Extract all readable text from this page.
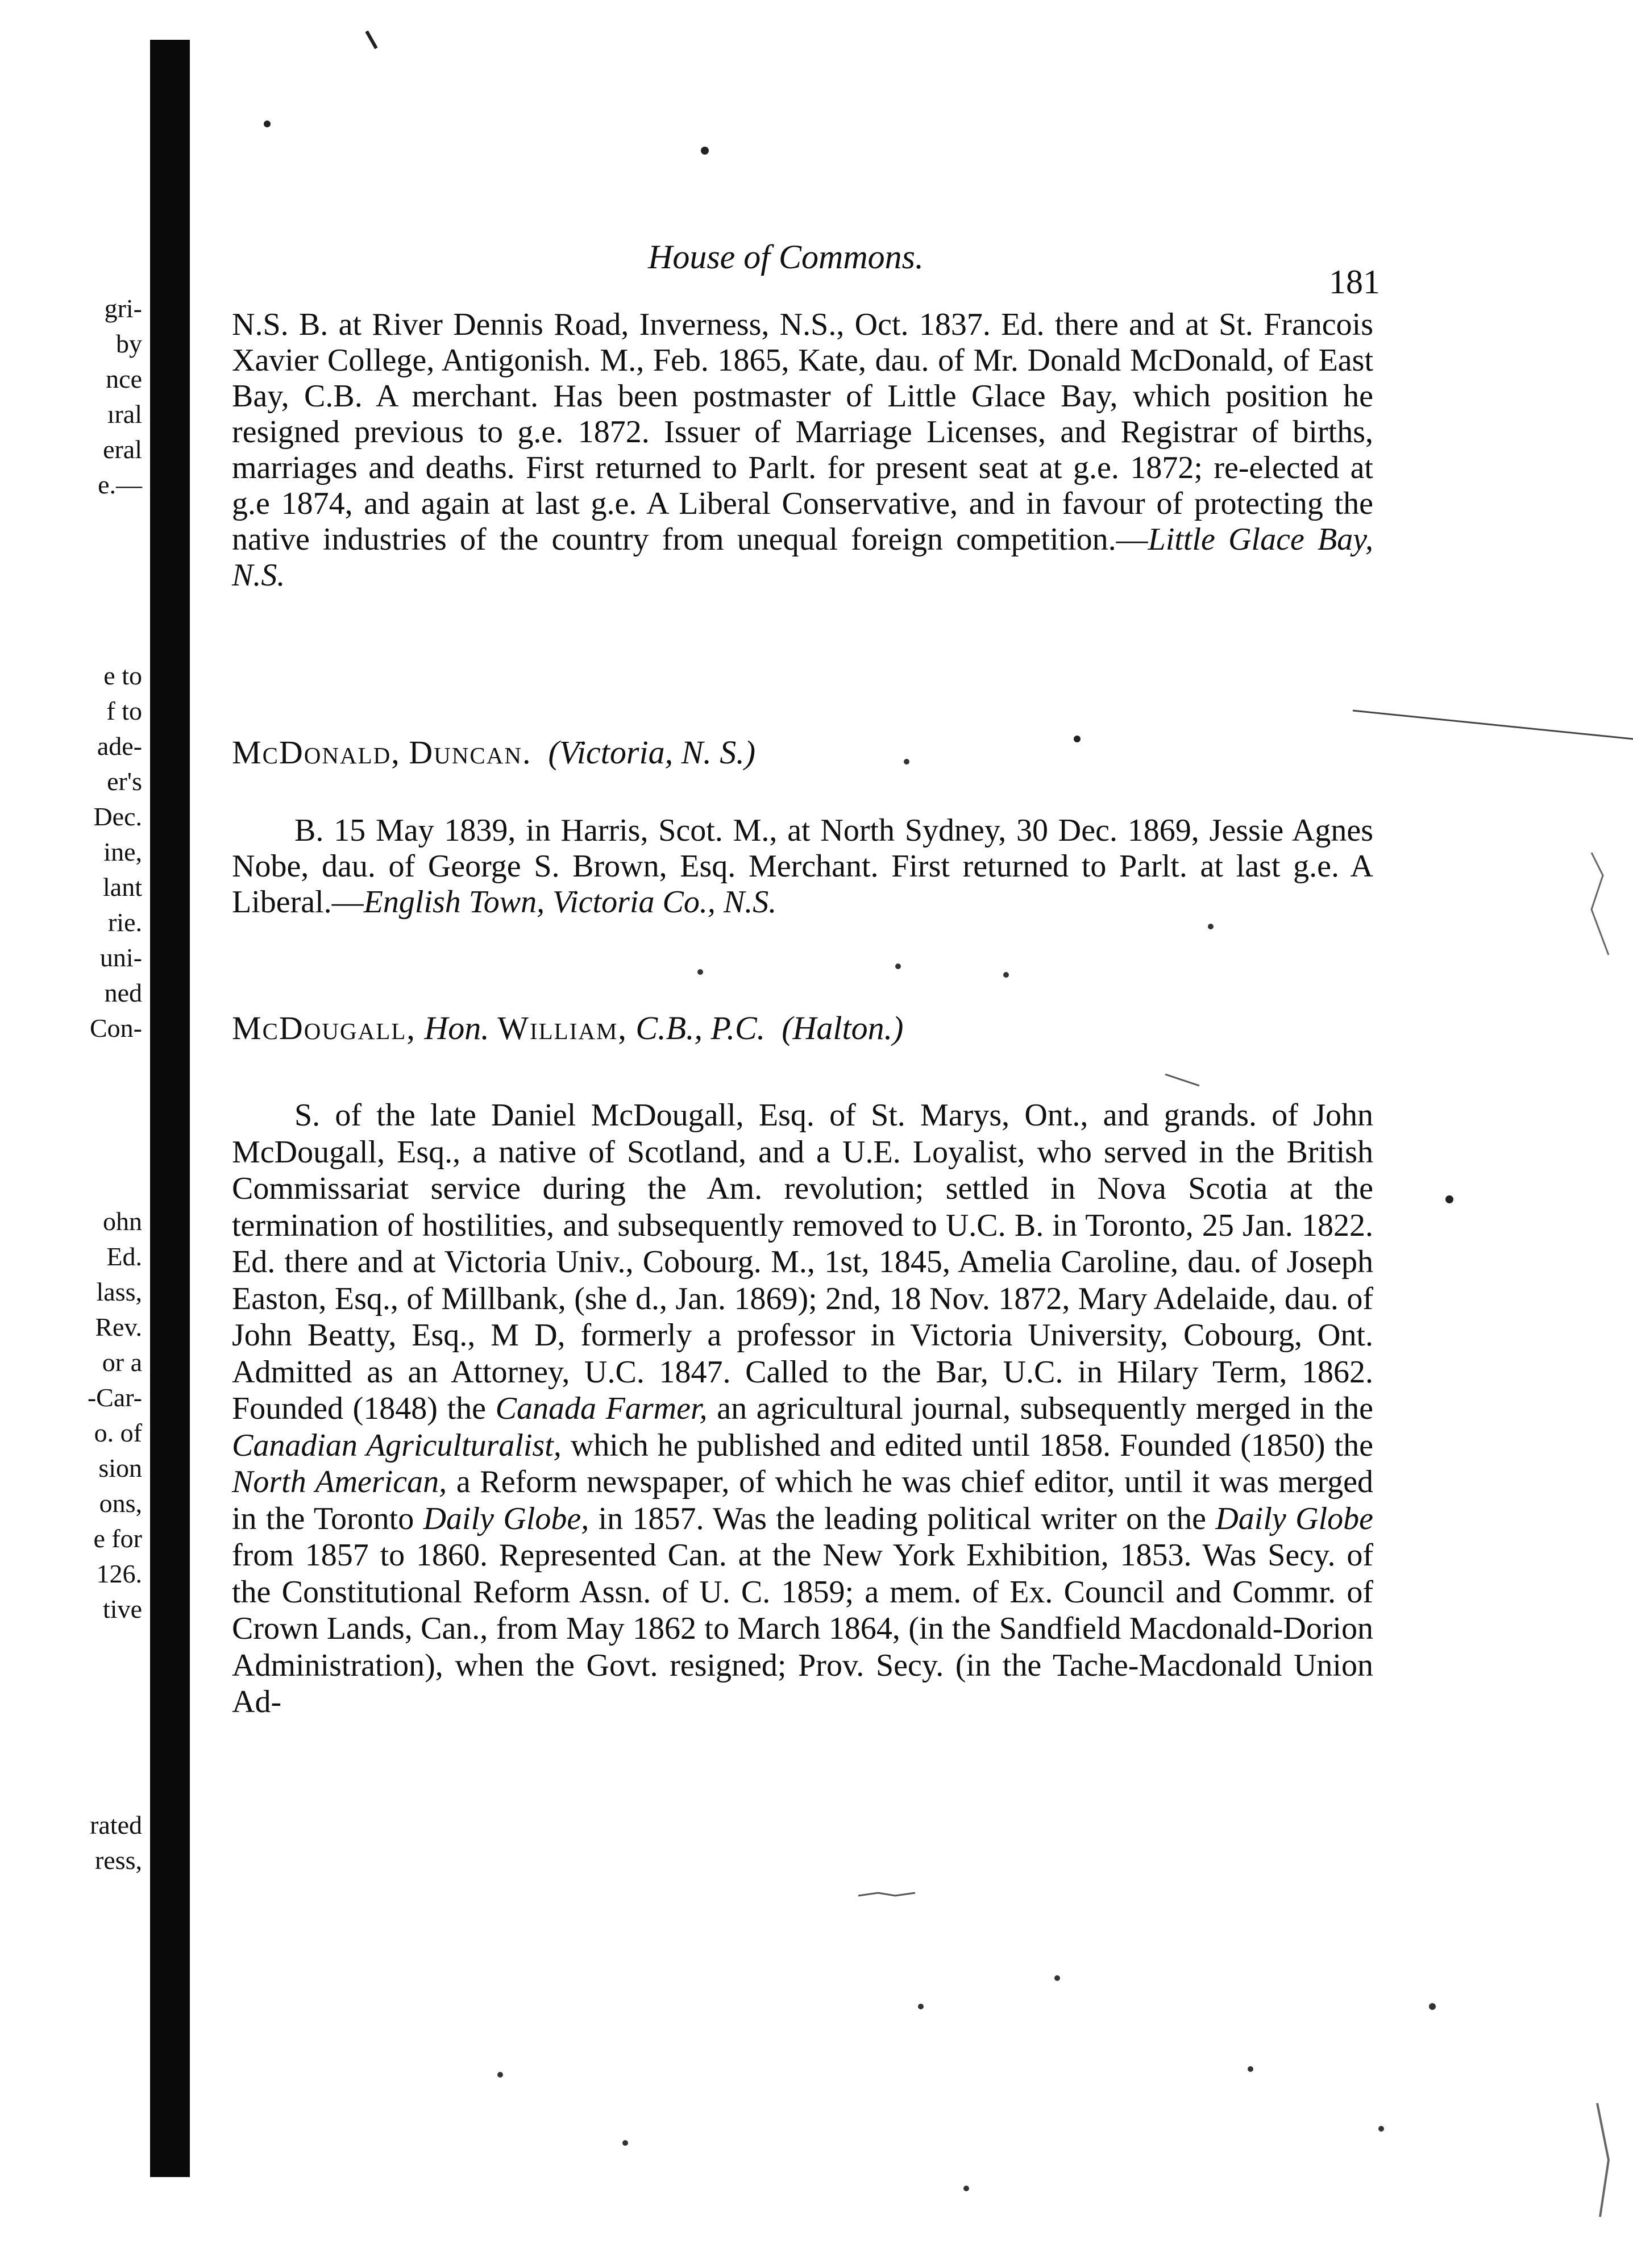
gri-
by
nce
ıral
eral
e.—
e to
f to
ade-
er's
Dec.
ine,
lant
rie.
uni-
ned
Con-
ohn
Ed.
lass,
Rev.
or a
-Car-
o. of
sion
ons,
e for
126.
tive
rated
ress,
House of Commons.
181

N.S. B. at River Dennis Road, Inverness, N.S., Oct. 1837. Ed. there and at St. Francois Xavier College, Antigonish. M., Feb. 1865, Kate, dau. of Mr. Donald McDonald, of East Bay, C.B. A merchant. Has been postmaster of Little Glace Bay, which position he resigned previous to g.e. 1872. Issuer of Marriage Licenses, and Registrar of births, marriages and deaths. First returned to Parlt. for present seat at g.e. 1872; re-elected at g.e 1874, and again at last g.e. A Liberal Conservative, and in favour of protecting the native industries of the country from unequal foreign competition.—Little Glace Bay, N.S.

McDonald, Duncan. (Victoria, N. S.)

B. 15 May 1839, in Harris, Scot. M., at North Sydney, 30 Dec. 1869, Jessie Agnes Nobe, dau. of George S. Brown, Esq. Merchant. First returned to Parlt. at last g.e. A Liberal.—English Town, Victoria Co., N.S.

McDougall, Hon. William, C.B., P.C. (Halton.)

S. of the late Daniel McDougall, Esq. of St. Marys, Ont., and grands. of John McDougall, Esq., a native of Scotland, and a U.E. Loyalist, who served in the British Commissariat service during the Am. revolution; settled in Nova Scotia at the termination of hostilities, and subsequently removed to U.C. B. in Toronto, 25 Jan. 1822. Ed. there and at Victoria Univ., Cobourg. M., 1st, 1845, Amelia Caroline, dau. of Joseph Easton, Esq., of Millbank, (she d., Jan. 1869); 2nd, 18 Nov. 1872, Mary Adelaide, dau. of John Beatty, Esq., M D, formerly a professor in Victoria University, Cobourg, Ont. Admitted as an Attorney, U.C. 1847. Called to the Bar, U.C. in Hilary Term, 1862. Founded (1848) the Canada Farmer, an agricultural journal, subsequently merged in the Canadian Agriculturalist, which he published and edited until 1858. Founded (1850) the North American, a Reform newspaper, of which he was chief editor, until it was merged in the Toronto Daily Globe, in 1857. Was the leading political writer on the Daily Globe from 1857 to 1860. Represented Can. at the New York Exhibition, 1853. Was Secy. of the Constitutional Reform Assn. of U. C. 1859; a mem. of Ex. Council and Commr. of Crown Lands, Can., from May 1862 to March 1864, (in the Sandfield Macdonald-Dorion Administration), when the Govt. resigned; Prov. Secy. (in the Tache-Macdonald Union Ad-
